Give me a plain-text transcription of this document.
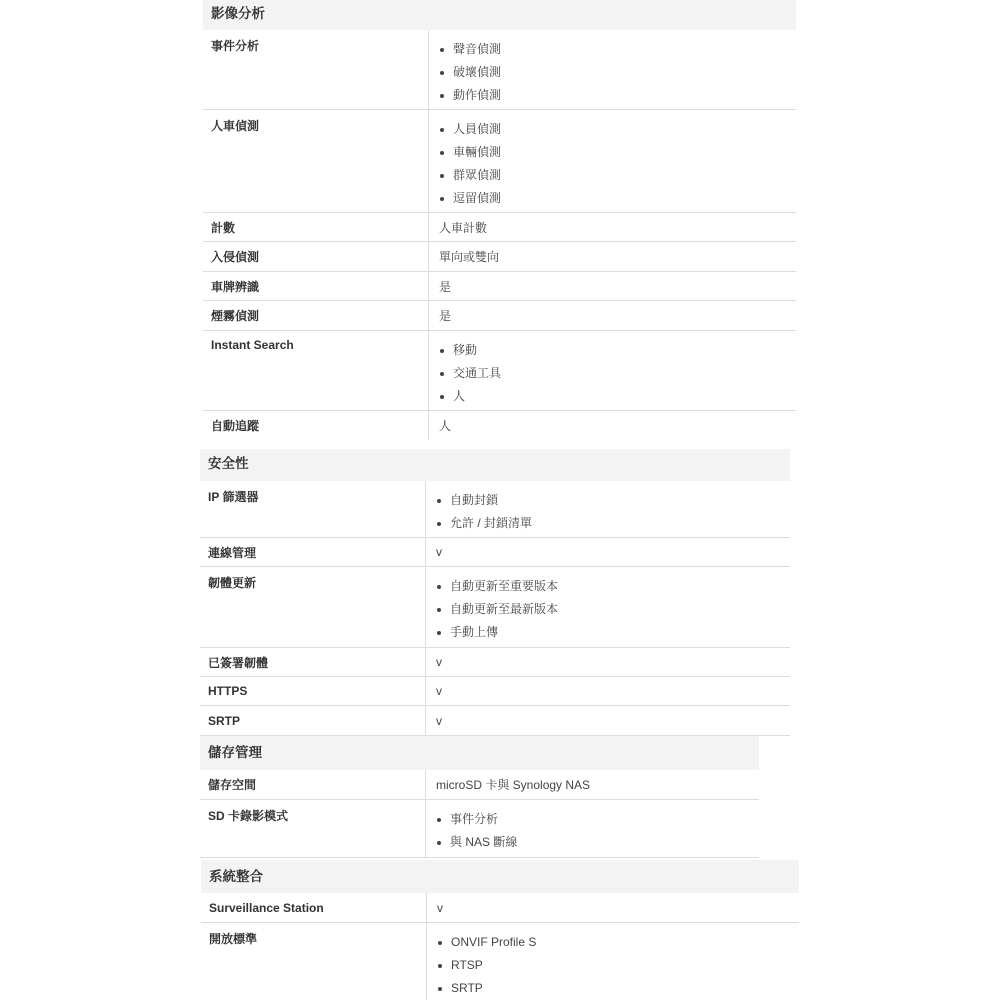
影像分析
事件分析	聲音偵測
破壞偵測
動作偵測
人車偵測	人員偵測
車輛偵測
群眾偵測
逗留偵測
計數	人車計數
入侵偵測	單向或雙向
車牌辨識	是
煙霧偵測	是
Instant Search	移動
交通工具
人
自動追蹤	人
安全性
IP 篩選器	自動封鎖
允許 / 封鎖清單
連線管理	v
韌體更新	自動更新至重要版本
自動更新至最新版本
手動上傳
已簽署韌體	v
HTTPS	v
SRTP	v
儲存管理
儲存空間	microSD 卡與 Synology NAS
SD 卡錄影模式	事件分析
與 NAS 斷線
系統整合
Surveillance Station	v
開放標準	ONVIF Profile S
RTSP
SRTP
